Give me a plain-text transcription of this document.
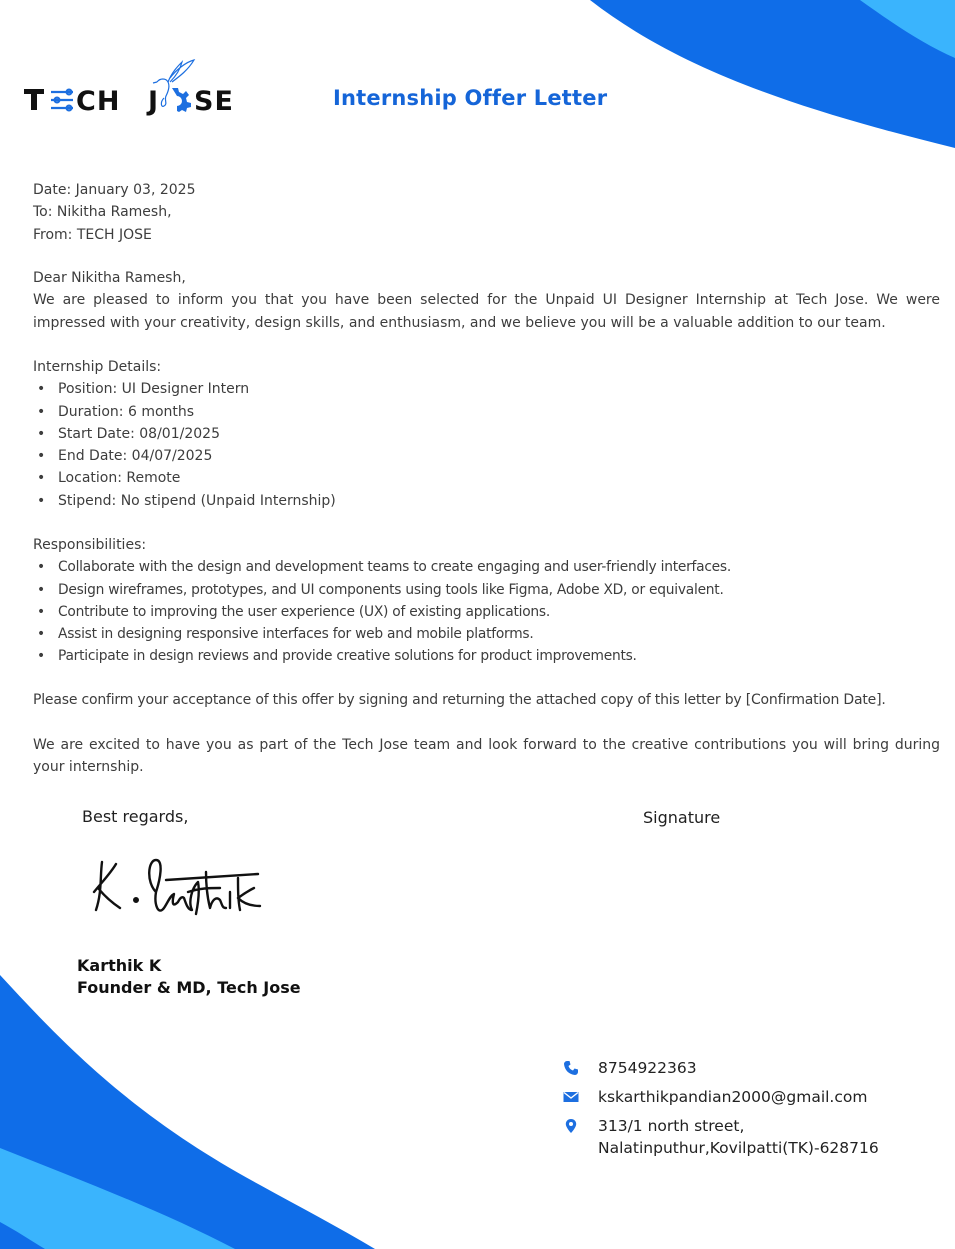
CH J SE	Internship Offer Letter
Date: January 03, 2025
To: Nikitha Ramesh,
From: TECH JOSE
Dear Nikitha Ramesh,
We are pleased to inform you that you have been selected for the Unpaid UI Designer Internship at Tech Jose. We were impressed with your creativity, design skills, and enthusiasm, and we believe you will be a valuable addition to our team.
Internship Details:
• Position: UI Designer Intern
• Duration: 6 months
• Start Date: 08/01/2025
• End Date: 04/07/2025
• Location: Remote
• Stipend: No stipend (Unpaid Internship)
Responsibilities:
• Collaborate with the design and development teams to create engaging and user-friendly interfaces.
• Design wireframes, prototypes, and UI components using tools like Figma, Adobe XD, or equivalent.
• Contribute to improving the user experience (UX) of existing applications.
• Assist in designing responsive interfaces for web and mobile platforms.
• Participate in design reviews and provide creative solutions for product improvements.
Please confirm your acceptance of this offer by signing and returning the attached copy of this letter by [Confirmation Date].
We are excited to have you as part of the Tech Jose team and look forward to the creative contributions you will bring during your internship.
Best regards,	Signature
Karthik K
Founder & MD, Tech Jose
8754922363
kskarthikpandian2000@gmail.com
313/1 north street,
Nalatinputhur,Kovilpatti(TK)-628716
